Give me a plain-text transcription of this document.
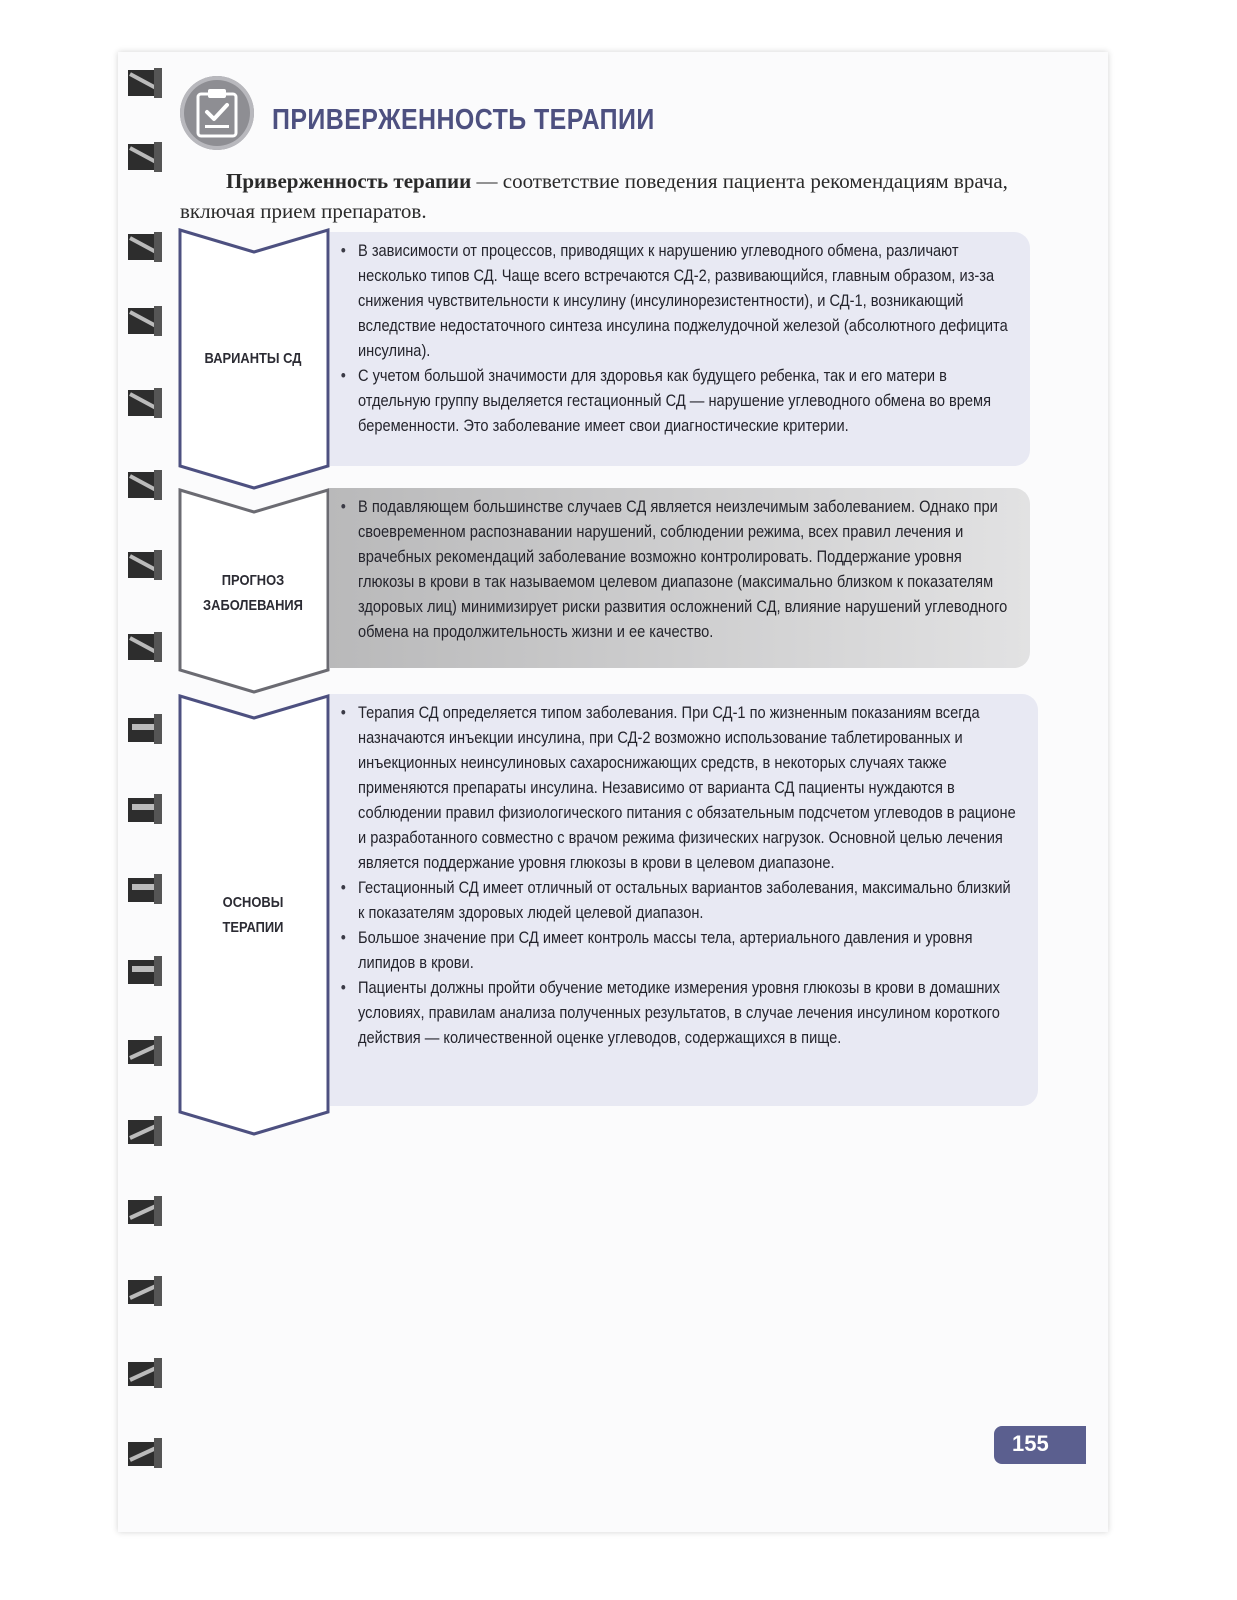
ПРИВЕРЖЕННОСТЬ ТЕРАПИИ
Приверженность терапии — соответствие поведения пациента рекомендациям врача, включая прием препаратов.
ВАРИАНТЫ СД
• В зависимости от процессов, приводящих к нарушению углеводного обмена, различают несколько типов СД. Чаще всего встречаются СД-2, развивающийся, главным образом, из-за снижения чувствительности к инсулину (инсулинорезистентности), и СД-1, возникающий вследствие недостаточного синтеза инсулина поджелудочной железой (абсолютного дефицита инсулина).
• С учетом большой значимости для здоровья как будущего ребенка, так и его матери в отдельную группу выделяется гестационный СД — нарушение углеводного обмена во время беременности. Это заболевание имеет свои диагностические критерии.
ПРОГНОЗ
ЗАБОЛЕВАНИЯ
• В подавляющем большинстве случаев СД является неизлечимым заболеванием. Однако при своевременном распознавании нарушений, соблюдении режима, всех правил лечения и врачебных рекомендаций заболевание возможно контролировать. Поддержание уровня глюкозы в крови в так называемом целевом диапазоне (максимально близком к показателям здоровых лиц) минимизирует риски развития осложнений СД, влияние нарушений углеводного обмена на продолжительность жизни и ее качество.
ОСНОВЫ
ТЕРАПИИ
• Терапия СД определяется типом заболевания. При СД-1 по жизненным показаниям всегда назначаются инъекции инсулина, при СД-2 возможно использование таблетированных и инъекционных неинсулиновых сахароснижающих средств, в некоторых случаях также применяются препараты инсулина. Независимо от варианта СД пациенты нуждаются в соблюдении правил физиологического питания с обязательным подсчетом углеводов в рационе и разработанного совместно с врачом режима физических нагрузок. Основной целью лечения является поддержание уровня глюкозы в крови в целевом диапазоне.
• Гестационный СД имеет отличный от остальных вариантов заболевания, максимально близкий к показателям здоровых людей целевой диапазон.
• Большое значение при СД имеет контроль массы тела, артериального давления и уровня липидов в крови.
• Пациенты должны пройти обучение методике измерения уровня глюкозы в крови в домашних условиях, правилам анализа полученных результатов, в случае лечения инсулином короткого действия — количественной оценке углеводов, содержащихся в пище.
155
